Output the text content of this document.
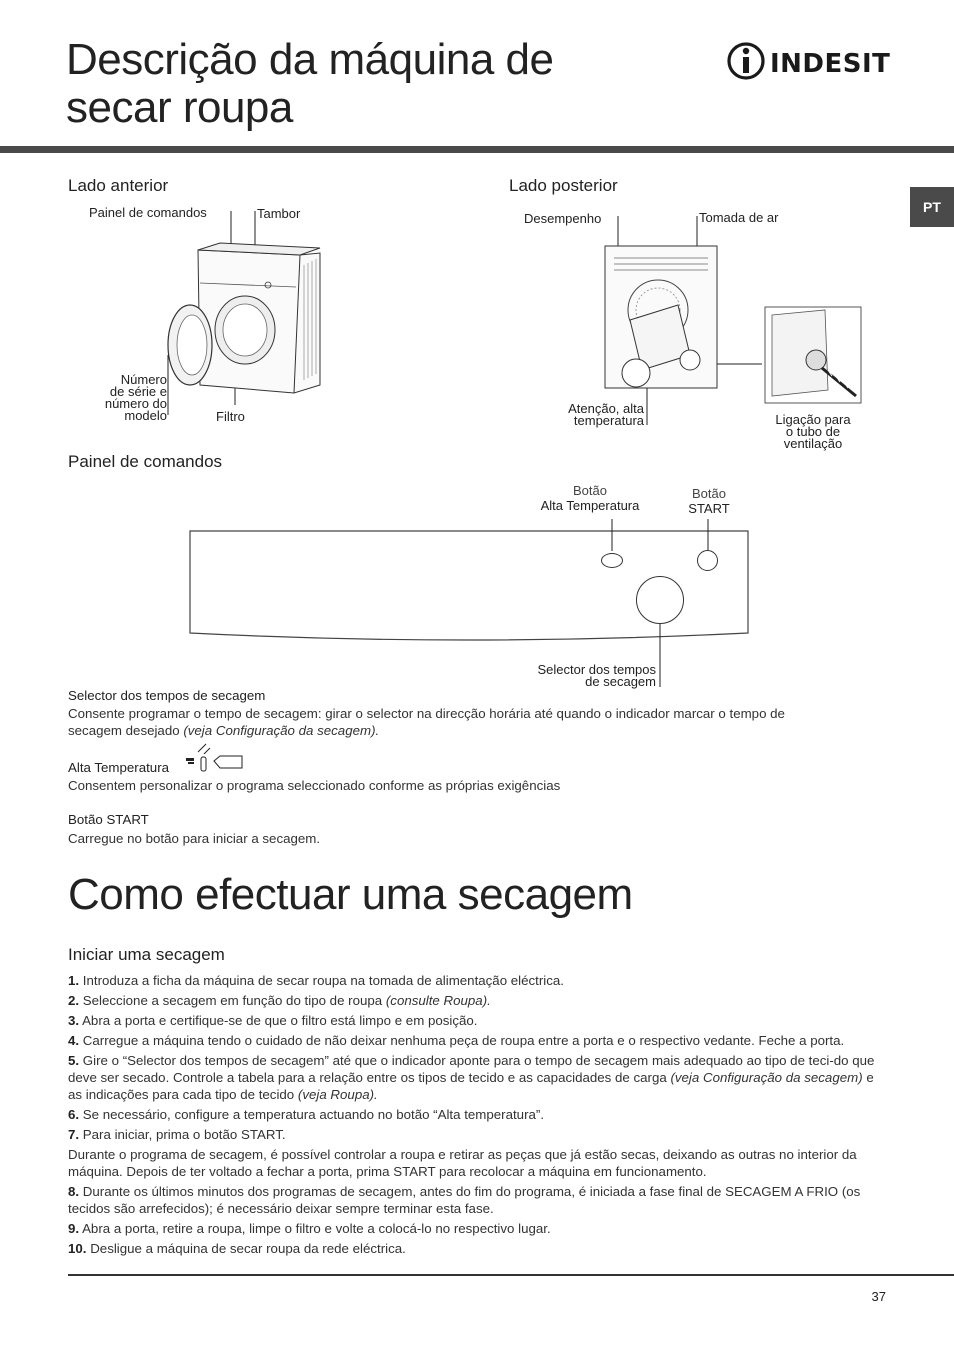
Descrição da máquina de secar roupa
INDESIT
PT
Lado anterior
Painel de comandos	Tambor
Número
de série e
número do
modelo	Filtro
Lado posterior
Desempenho	Tomada de ar
Atenção, alta
temperatura	Ligação para
o tubo de
ventilação
Painel de comandos
Botão
Alta Temperatura
Botão
START
Selector dos tempos
de secagem
Selector dos tempos de secagem
Consente programar o tempo de secagem: girar o selector na direcção horária até quando o indicador marcar o tempo de secagem desejado (veja Configuração da secagem).
Alta Temperatura
Consentem personalizar o programa seleccionado conforme as próprias exigências
Botão START
Carregue no botão para iniciar a secagem.
Como efectuar uma secagem
Iniciar uma secagem
1. Introduza a ficha da máquina de secar roupa na tomada de alimentação eléctrica.
2. Seleccione a secagem em função do tipo de roupa (consulte Roupa).
3. Abra a porta e certifique-se de que o filtro está limpo e em posição.
4. Carregue a máquina tendo o cuidado de não deixar nenhuma peça de roupa entre a porta e o respectivo vedante. Feche a porta.
5. Gire o “Selector dos tempos de secagem” até que o indicador aponte para o tempo de secagem mais adequado ao tipo de teci-do que deve ser secado. Controle a tabela para a relação entre os tipos de tecido e as capacidades de carga (veja Configuração da secagem) e as indicações para cada tipo de tecido (veja Roupa).
6. Se necessário, configure a temperatura actuando no botão “Alta temperatura”.
7. Para iniciar, prima o botão START.
Durante o programa de secagem, é possível controlar a roupa e retirar as peças que já estão secas, deixando as outras no interior da máquina. Depois de ter voltado a fechar a porta, prima START para recolocar a máquina em funcionamento.
8. Durante os últimos minutos dos programas de secagem, antes do fim do programa, é iniciada a fase final de SECAGEM A FRIO (os tecidos são arrefecidos); é necessário deixar sempre terminar esta fase.
9. Abra a porta, retire a roupa, limpe o filtro e volte a colocá-lo no respectivo lugar.
10. Desligue a máquina de secar roupa da rede eléctrica.
37
